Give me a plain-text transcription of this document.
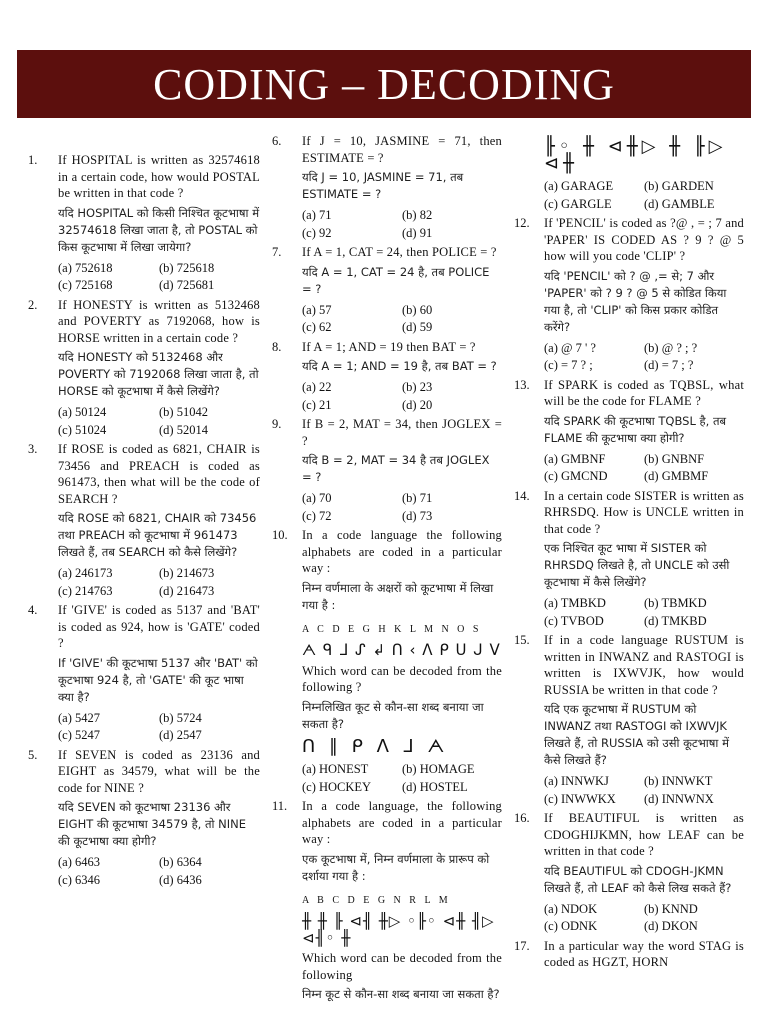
CODING – DECODING
1. If HOSPITAL is written as 32574618 in a certain code, how would POSTAL be written in that code ?
यदि HOSPITAL को किसी निश्चित कूटभाषा में 32574618 लिखा जाता है, तो POSTAL को किस कूटभाषा में लिखा जायेगा?
(a) 752618	(b) 725618
(c) 725168	(d) 725681
2. If HONESTY is written as 5132468 and POVERTY as 7192068, how is HORSE written in a certain code ?
यदि HONESTY को 5132468 और POVERTY को 7192068 लिखा जाता है, तो HORSE को कूटभाषा में कैसे लिखेंगे?
(a) 50124	(b) 51042
(c) 51024	(d) 52014
3. If ROSE is coded as 6821, CHAIR is 73456 and PREACH is coded as 961473, then what will be the code of SEARCH ?
यदि ROSE को 6821, CHAIR को 73456 तथा PREACH को कूटभाषा में 961473 लिखते हैं, तब SEARCH को कैसे लिखेंगे?
(a) 246173	(b) 214673
(c) 214763	(d) 216473
4. If 'GIVE' is coded as 5137 and 'BAT' is coded as 924, how is 'GATE' coded ?
If 'GIVE' की कूटभाषा 5137 और 'BAT' को कूटभाषा 924 है, तो 'GATE' की कूट भाषा क्या है?
(a) 5427	(b) 5724
(c) 5247	(d) 2547
5. If SEVEN is coded as 23136 and EIGHT as 34579, what will be the code for NINE ?
यदि SEVEN को कूटभाषा 23136 और EIGHT की कूटभाषा 34579 है, तो NINE की कूटभाषा क्या होगी?
(a) 6463	(b) 6364
(c) 6346	(d) 6436
6. If J = 10, JASMINE = 71, then ESTIMATE = ?
यदि J = 10, JASMINE = 71, तब ESTIMATE = ?
(a) 71	(b) 82
(c) 92	(d) 91
7. If A = 1, CAT = 24, then POLICE = ?
यदि A = 1, CAT = 24 है, तब POLICE = ?
(a) 57	(b) 60
(c) 62	(d) 59
8. If A = 1; AND = 19 then BAT = ?
यदि A = 1; AND = 19 है, तब BAT = ?
(a) 22	(b) 23
(c) 21	(d) 20
9. If B = 2, MAT = 34, then JOGLEX = ?
यदि B = 2, MAT = 34 है तब JOGLEX = ?
(a) 70	(b) 71
(c) 72	(d) 73
10. In a code language the following alphabets are coded in a particular way :
निम्न वर्णमाला के अक्षरों को कूटभाषा में लिखा गया है :
A C D E G H K L M N O S
ᗅ ᑫ ᒧ ᔑ ↲ ᑎ ‹ ᐱ ᑭ ᑌ ᒍ ᐯ
Which word can be decoded from the following ?
निम्नलिखित कूट से कौन-सा शब्द बनाया जा सकता है?
ᑎ ∥ ᑭ ᐱ ᒧ ᗅ
(a) HONEST	(b) HOMAGE
(c) HOCKEY	(d) HOSTEL
11. In a code language, the following alphabets are coded in a particular way :
एक कूटभाषा में, निम्न वर्णमाला के प्रारूप को दर्शाया गया है :
A B C D E G N R L M
╫ ╫ ╟ ⊲╢ ╫▷ ◦╟◦ ⊲╫ ╢▷ ⊲╢◦ ╫
Which word can be decoded from the following
निम्न कूट से कौन-सा शब्द बनाया जा सकता है?
╟◦ ╫ ⊲╫▷ ╫ ╟▷ ⊲╫
(a) GARAGE	(b) GARDEN
(c) GARGLE	(d) GAMBLE
12. If 'PENCIL' is coded as ?@ , = ; 7 and 'PAPER' IS CODED AS ? 9 ? @ 5 how will you code 'CLIP' ?
यदि 'PENCIL' को ? @ ,= से; 7 और 'PAPER' को ? 9 ? @ 5 से कोडित किया गया है, तो 'CLIP' को किस प्रकार कोडित करेंगे?
(a) @ 7 ' ?	(b) @ ? ; ?
(c) = 7 ? ;	(d) = 7 ; ?
13. If SPARK is coded as TQBSL, what will be the code for FLAME ?
यदि SPARK की कूटभाषा TQBSL है, तब FLAME की कूटभाषा क्या होगी?
(a) GMBNF	(b) GNBNF
(c) GMCND	(d) GMBMF
14. In a certain code SISTER is written as RHRSDQ. How is UNCLE written in that code ?
एक निश्चित कूट भाषा में SISTER को RHRSDQ लिखते है, तो UNCLE को उसी कूटभाषा में कैसे लिखेंगे?
(a) TMBKD	(b) TBMKD
(c) TVBOD	(d) TMKBD
15. If in a code language RUSTUM is written in INWANZ and RASTOGI is written is IXWVJK, how would RUSSIA be written in that code ?
यदि एक कूटभाषा में RUSTUM को INWANZ तथा RASTOGI को IXWVJK लिखते हैं, तो RUSSIA को उसी कूटभाषा में कैसे लिखते हैं?
(a) INNWKJ	(b) INNWKT
(c) INWWKX	(d) INNWNX
16. If BEAUTIFUL is written as CDOGHIJKMN, how LEAF can be written in that code ?
यदि BEAUTIFUL को CDOGH-JKMN लिखते हैं, तो LEAF को कैसे लिख सकते हैं?
(a) NDOK	(b) KNND
(c) ODNK	(d) DKON
17. In a particular way the word STAG is coded as HGZT, HORN
